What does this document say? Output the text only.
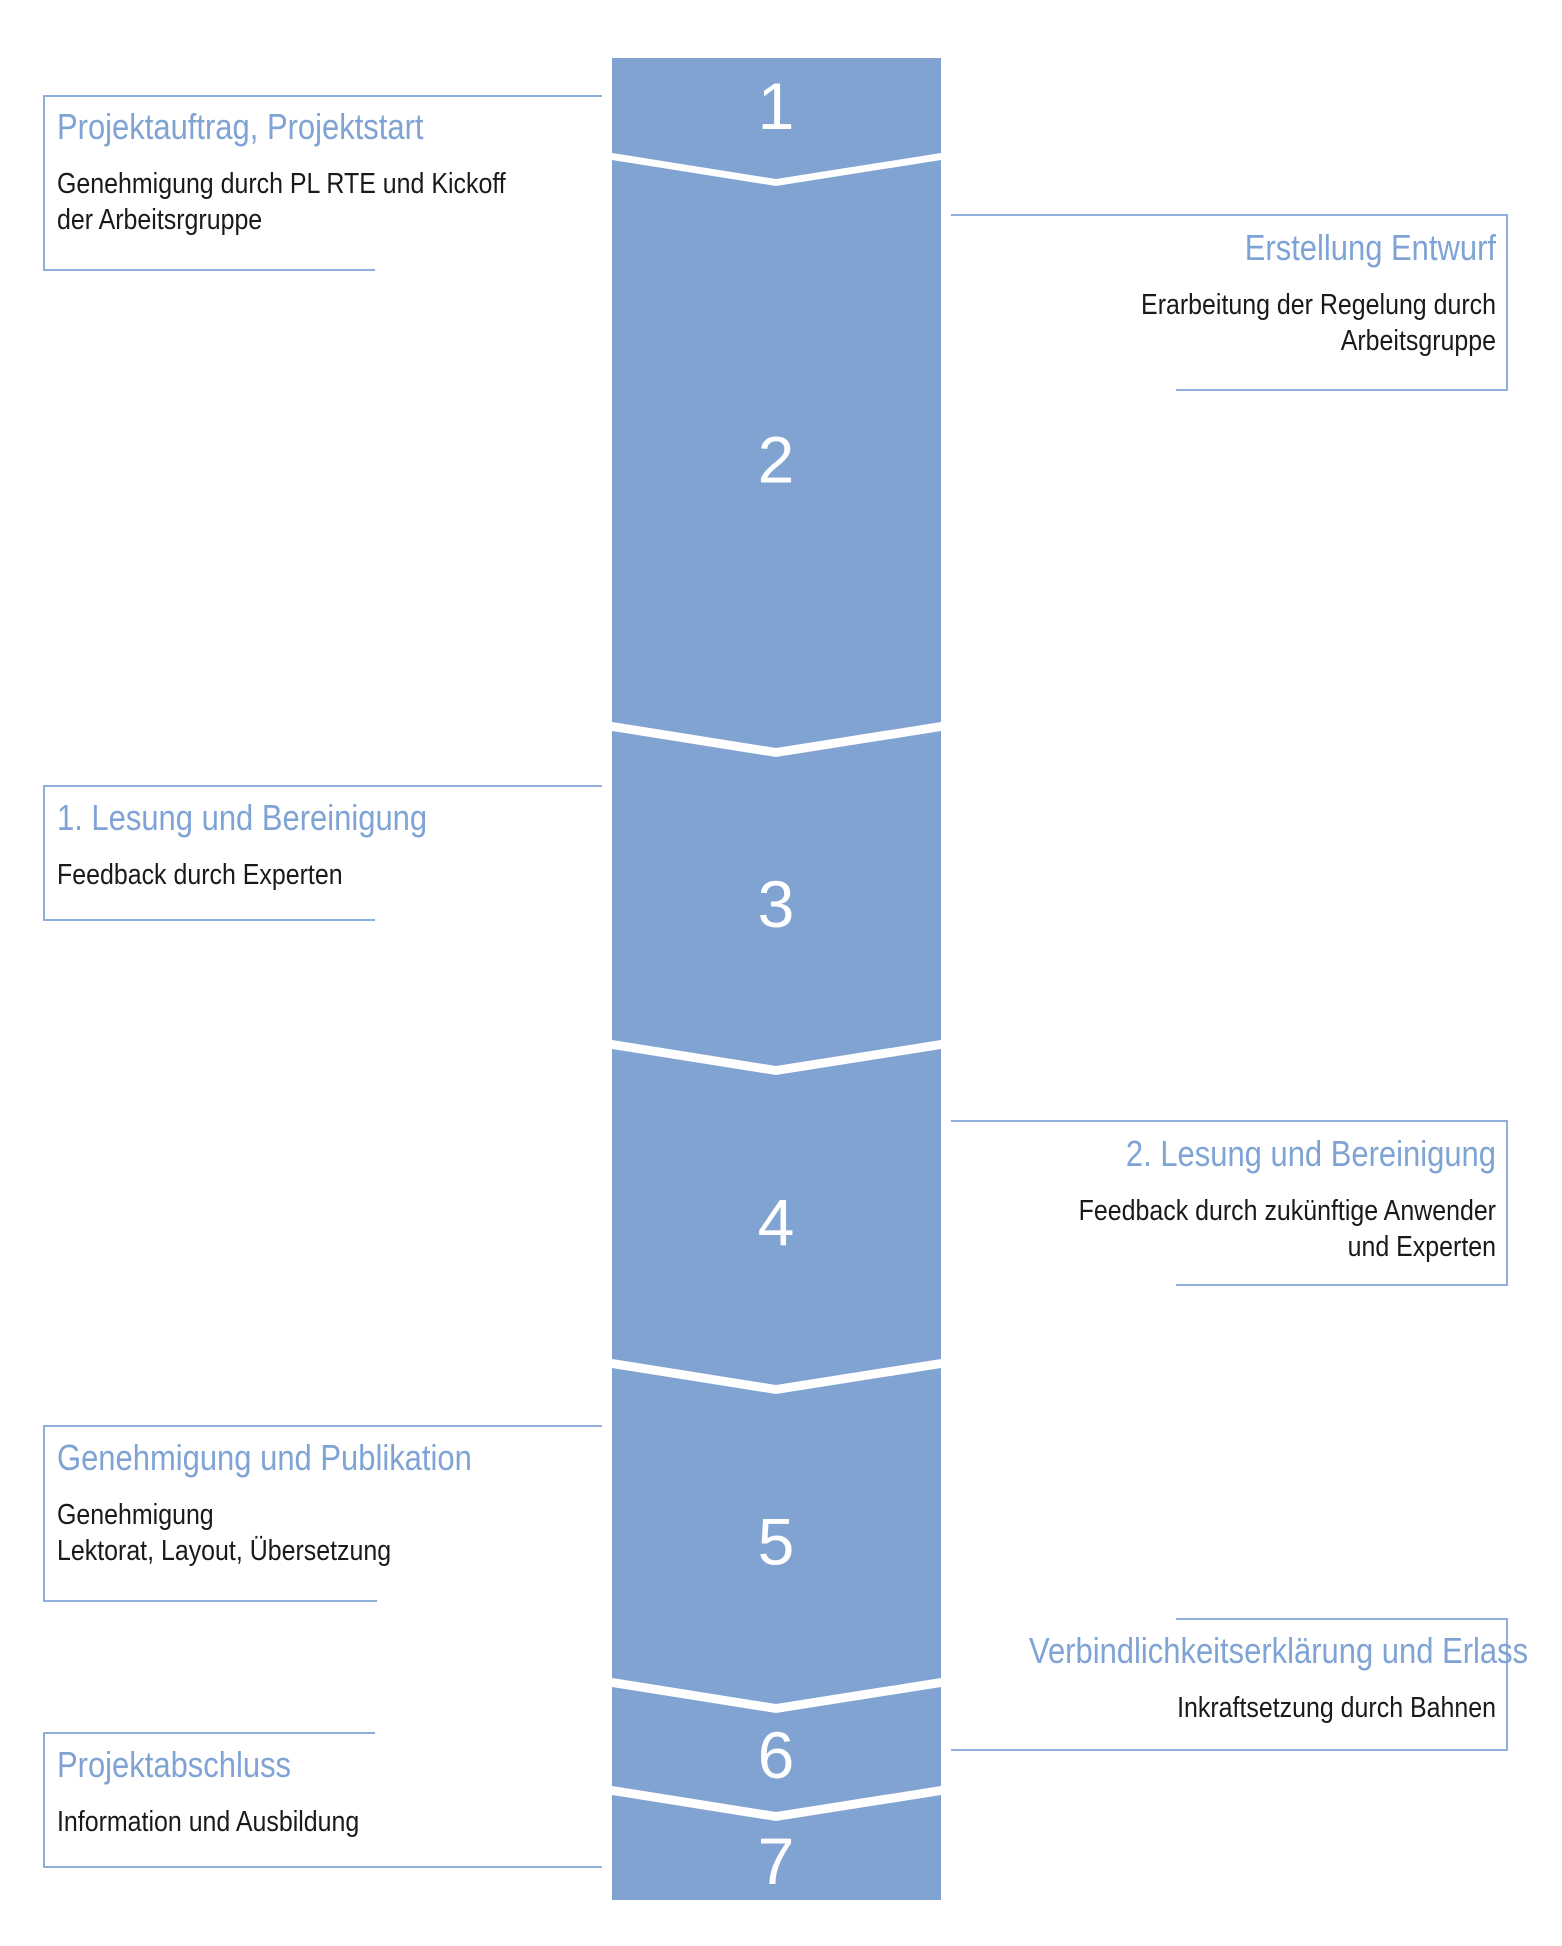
1
2
3
4
5
6
7
Projektauftrag, Projektstart
Genehmigung durch PL RTE und Kickoff
der Arbeitsrgruppe
Erstellung Entwurf
Erarbeitung der Regelung durch
Arbeitsgruppe
1. Lesung und Bereinigung
Feedback durch Experten
2. Lesung und Bereinigung
Feedback durch zukünftige Anwender
und Experten
Genehmigung und Publikation
Genehmigung
Lektorat, Layout, Übersetzung
Verbindlichkeitserklärung und Erlass
Inkraftsetzung durch Bahnen
Projektabschluss
Information und Ausbildung
